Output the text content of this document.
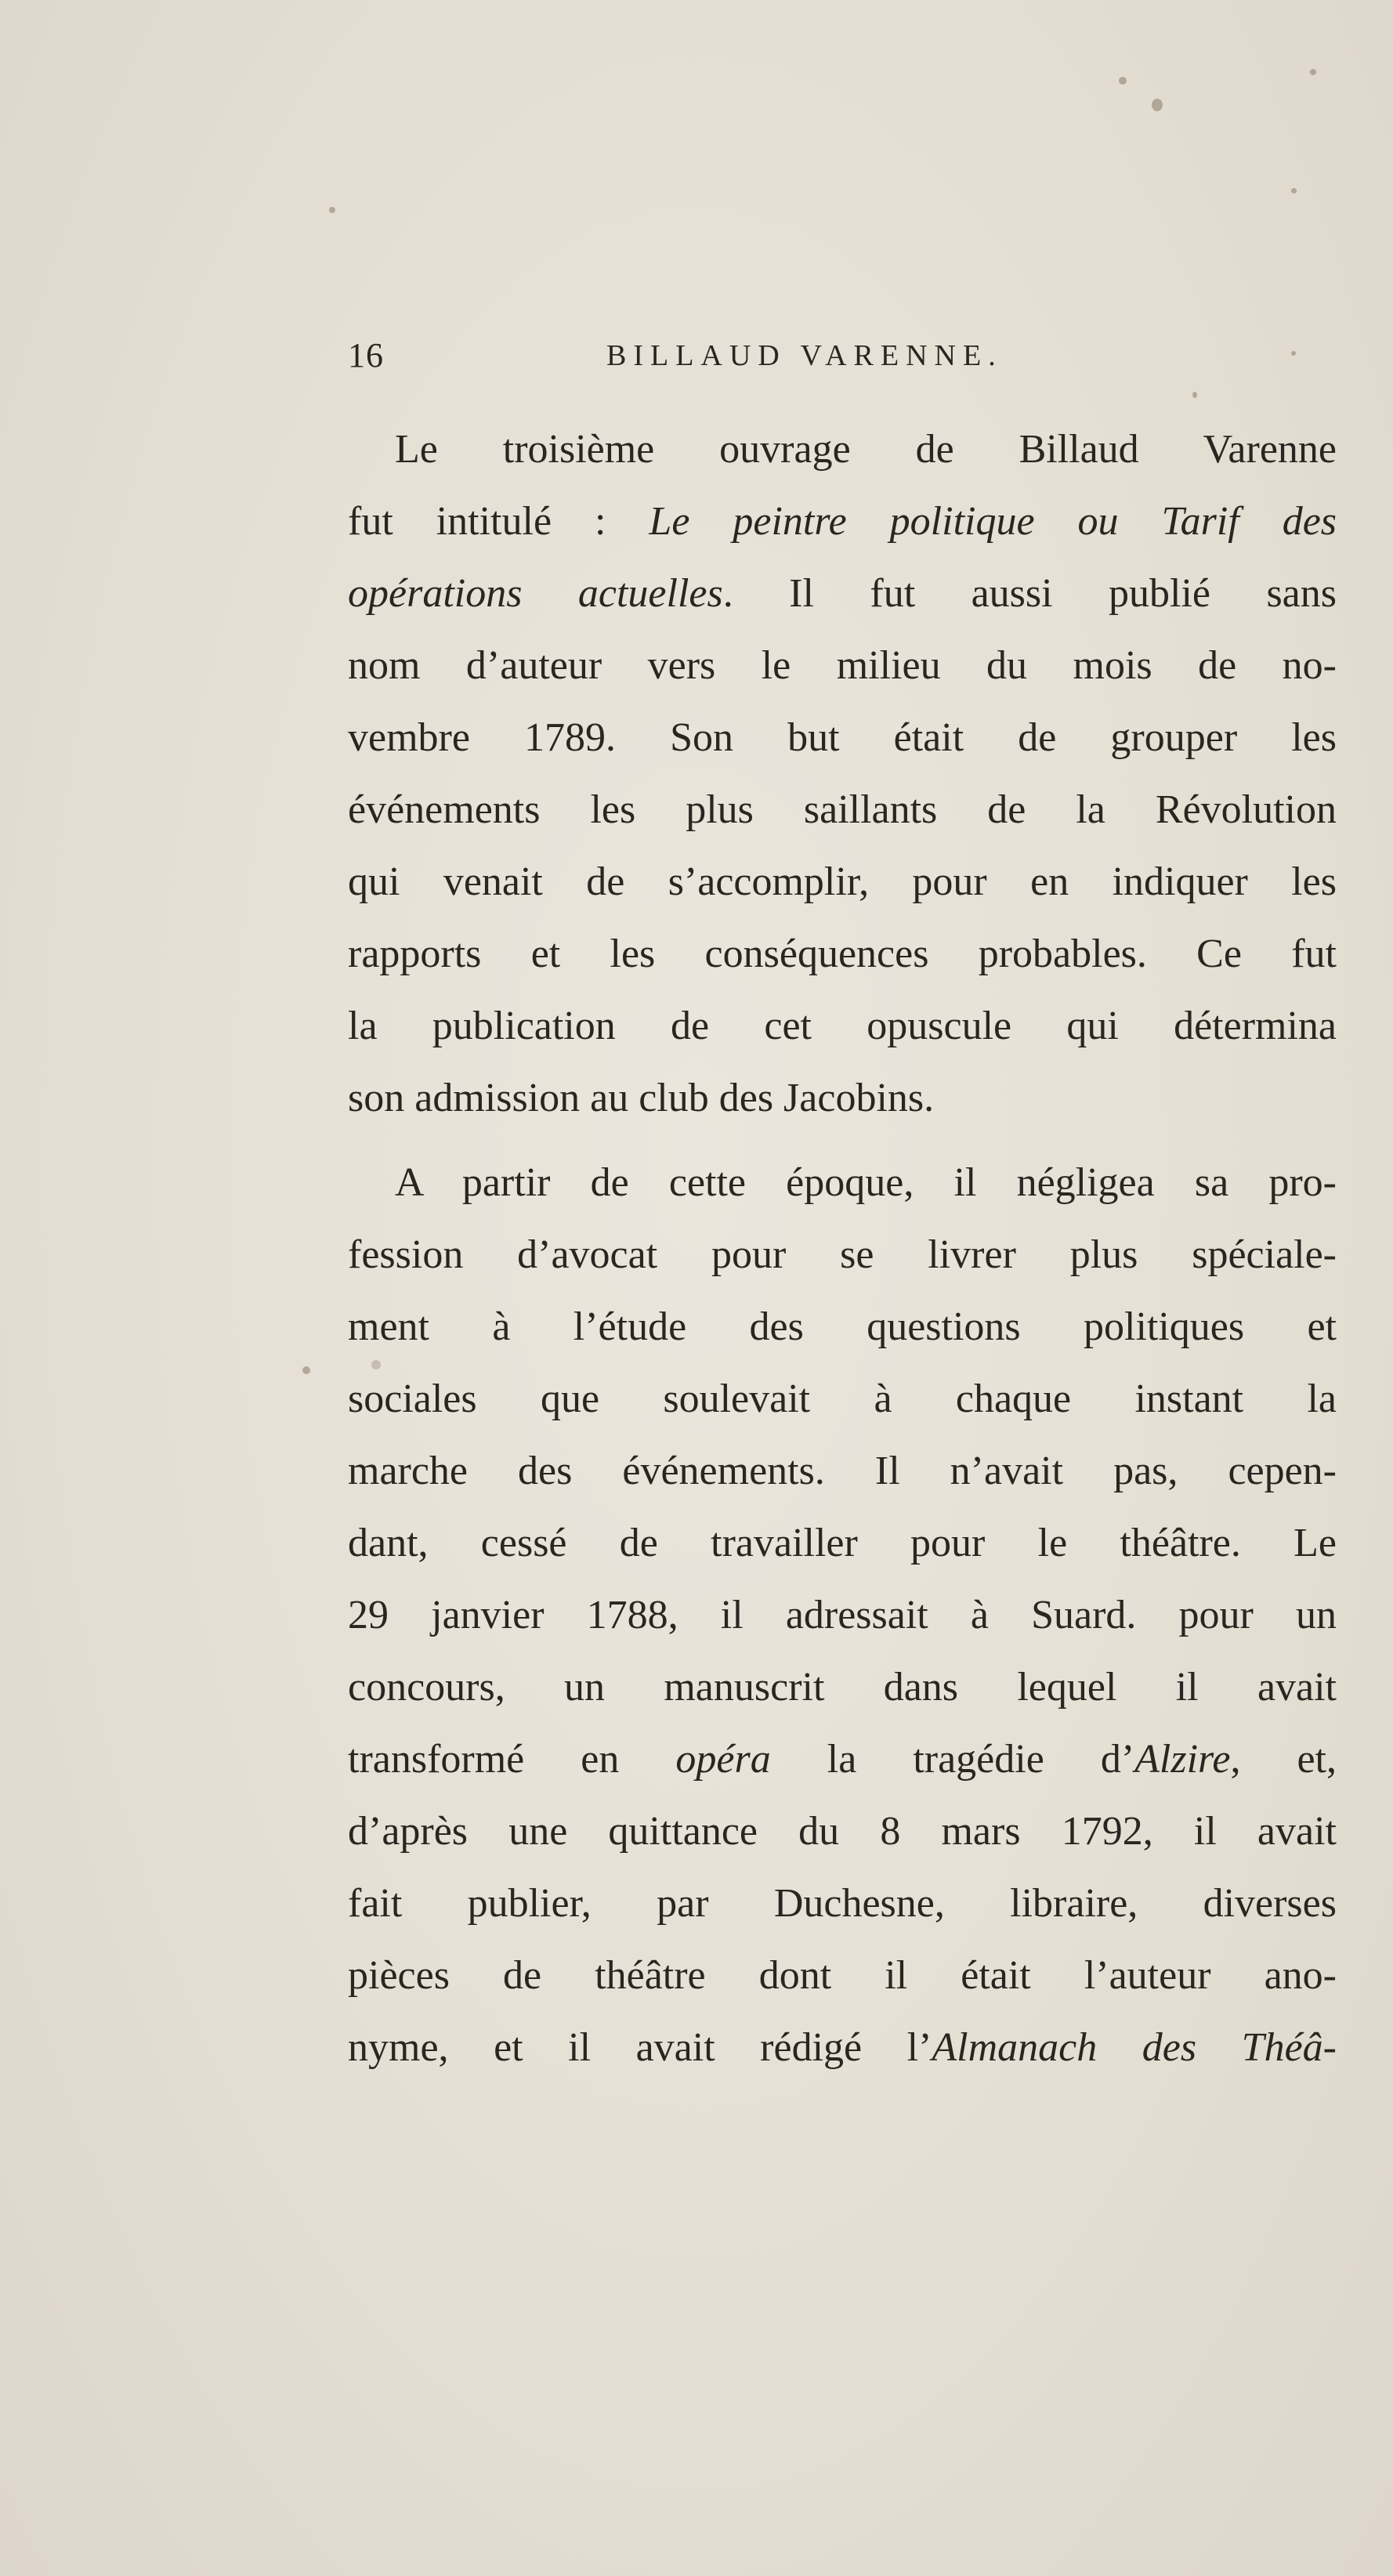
16	BILLAUD VARENNE.
Le troisième ouvrage de Billaud Varenne
fut intitulé : Le peintre politique ou Tarif des
opérations actuelles. Il fut aussi publié sans
nom d’auteur vers le milieu du mois de no-
vembre 1789. Son but était de grouper les
événements les plus saillants de la Révolution
qui venait de s’accomplir, pour en indiquer les
rapports et les conséquences probables. Ce fut
la publication de cet opuscule qui détermina
son admission au club des Jacobins.
A partir de cette époque, il négligea sa pro-
fession d’avocat pour se livrer plus spéciale-
ment à l’étude des questions politiques et
sociales que soulevait à chaque instant la
marche des événements. Il n’avait pas, cepen-
dant, cessé de travailler pour le théâtre. Le
29 janvier 1788, il adressait à Suard. pour un
concours, un manuscrit dans lequel il avait
transformé en opéra la tragédie d’Alzire, et,
d’après une quittance du 8 mars 1792, il avait
fait publier, par Duchesne, libraire, diverses
pièces de théâtre dont il était l’auteur ano-
nyme, et il avait rédigé l’Almanach des Théâ-
